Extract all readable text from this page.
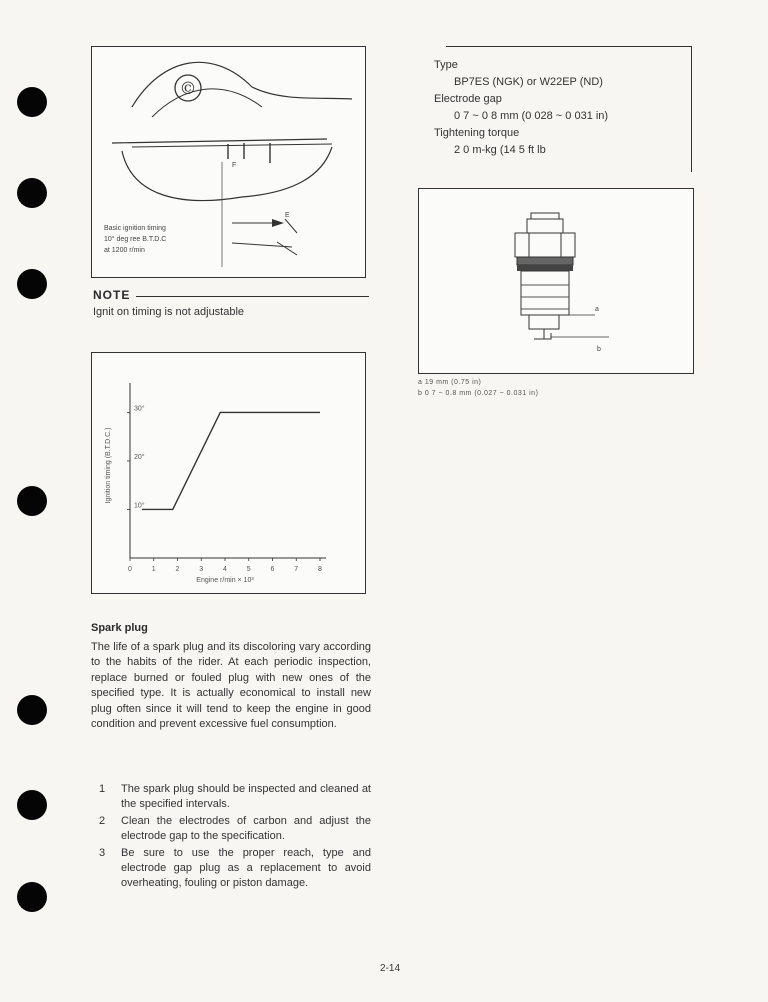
©
F
Basic ignition timing
10° deg ree B.T.D.C
at 1200 r/min
E
NOTE
Ignit on timing is not adjustable
0	1	2	3	4	5	6	7	8
10°
20°
30°
Engine r/min × 10³
Ignition timing (B.T.D.C.)
Type
BP7ES (NGK) or W22EP (ND)
Electrode gap
0 7 ~ 0 8 mm (0 028 ~ 0 031 in)
Tightening torque
2 0 m-kg (14 5 ft lb
a
b
a 19 mm (0.75 in)
b 0 7 ~ 0.8 mm (0.027 ~ 0.031 in)
Spark plug
The life of a spark plug and its discoloring vary according to the habits of the rider. At each periodic inspection, replace burned or fouled plug with new ones of the specified type. It is actually economical to install new plug often since it will tend to keep the engine in good condition and prevent excessive fuel consumption.
1	The spark plug should be inspected and cleaned at the specified intervals.
2	Clean the electrodes of carbon and adjust the electrode gap to the specification.
3	Be sure to use the proper reach, type and electrode gap plug as a replacement to avoid overheating, fouling or piston damage.
2-14
